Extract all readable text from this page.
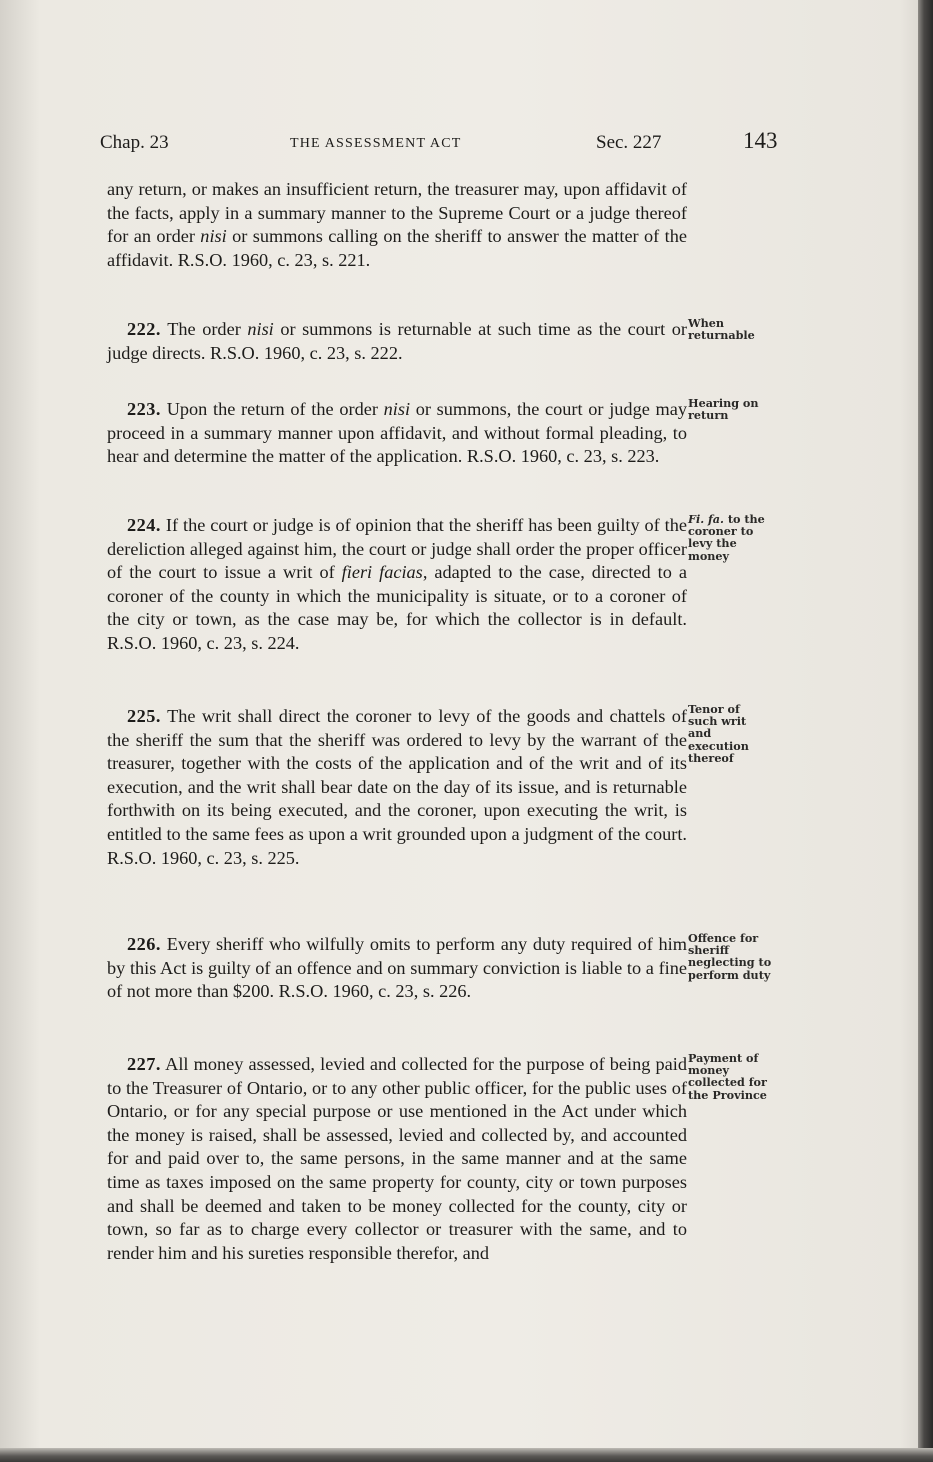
Chap. 23	THE ASSESSMENT ACT	Sec. 227	143

any return, or makes an insufficient return, the treasurer may, upon affidavit of the facts, apply in a summary manner to the Supreme Court or a judge thereof for an order nisi or summons calling on the sheriff to answer the matter of the affidavit. R.S.O. 1960, c. 23, s. 221.

222. The order nisi or summons is returnable at such time as the court or judge directs. R.S.O. 1960, c. 23, s. 222.

When returnable

223. Upon the return of the order nisi or summons, the court or judge may proceed in a summary manner upon affidavit, and without formal pleading, to hear and determine the matter of the application. R.S.O. 1960, c. 23, s. 223.

Hearing on return

224. If the court or judge is of opinion that the sheriff has been guilty of the dereliction alleged against him, the court or judge shall order the proper officer of the court to issue a writ of fieri facias, adapted to the case, directed to a coroner of the county in which the municipality is situate, or to a coroner of the city or town, as the case may be, for which the collector is in default. R.S.O. 1960, c. 23, s. 224.

Fi. fa. to the coroner to levy the money

225. The writ shall direct the coroner to levy of the goods and chattels of the sheriff the sum that the sheriff was ordered to levy by the warrant of the treasurer, together with the costs of the application and of the writ and of its execution, and the writ shall bear date on the day of its issue, and is returnable forthwith on its being executed, and the coroner, upon executing the writ, is entitled to the same fees as upon a writ grounded upon a judgment of the court. R.S.O. 1960, c. 23, s. 225.

Tenor of such writ and execution thereof

226. Every sheriff who wilfully omits to perform any duty required of him by this Act is guilty of an offence and on summary conviction is liable to a fine of not more than $200. R.S.O. 1960, c. 23, s. 226.

Offence for sheriff neglecting to perform duty

227. All money assessed, levied and collected for the purpose of being paid to the Treasurer of Ontario, or to any other public officer, for the public uses of Ontario, or for any special purpose or use mentioned in the Act under which the money is raised, shall be assessed, levied and collected by, and accounted for and paid over to, the same persons, in the same manner and at the same time as taxes imposed on the same property for county, city or town purposes and shall be deemed and taken to be money collected for the county, city or town, so far as to charge every collector or treasurer with the same, and to render him and his sureties responsible therefor, and

Payment of money collected for the Province
